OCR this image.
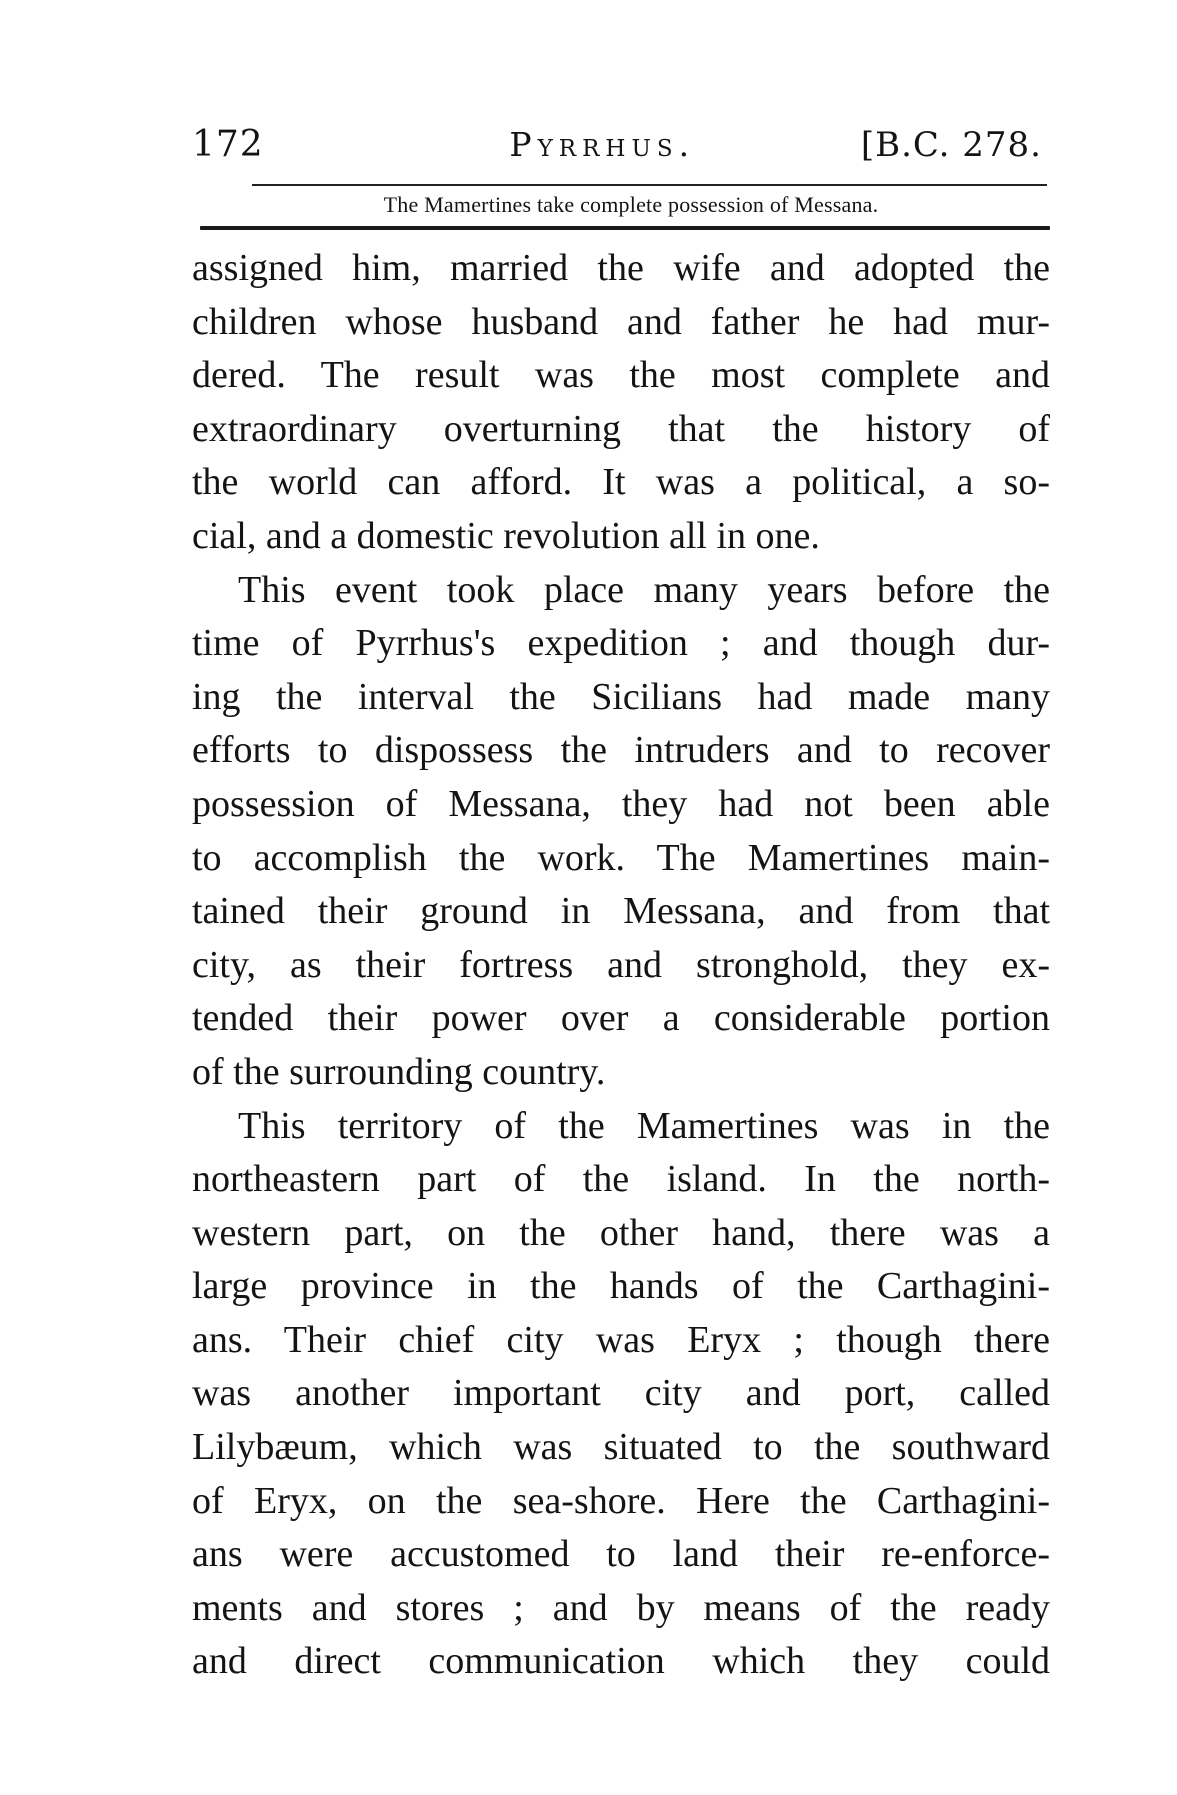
172	Pyrrhus.	[B.C. 278.
The Mamertines take complete possession of Messana.
assigned him, married the wife and adopted the
children whose husband and father he had mur-
dered. The result was the most complete and
extraordinary overturning that the history of
the world can afford. It was a political, a so-
cial, and a domestic revolution all in one.
This event took place many years before the
time of Pyrrhus's expedition ; and though dur-
ing the interval the Sicilians had made many
efforts to dispossess the intruders and to recover
possession of Messana, they had not been able
to accomplish the work. The Mamertines main-
tained their ground in Messana, and from that
city, as their fortress and stronghold, they ex-
tended their power over a considerable portion
of the surrounding country.
This territory of the Mamertines was in the
northeastern part of the island. In the north-
western part, on the other hand, there was a
large province in the hands of the Carthagini-
ans. Their chief city was Eryx ; though there
was another important city and port, called
Lilybæum, which was situated to the southward
of Eryx, on the sea-shore. Here the Carthagini-
ans were accustomed to land their re-enforce-
ments and stores ; and by means of the ready
and direct communication which they could
